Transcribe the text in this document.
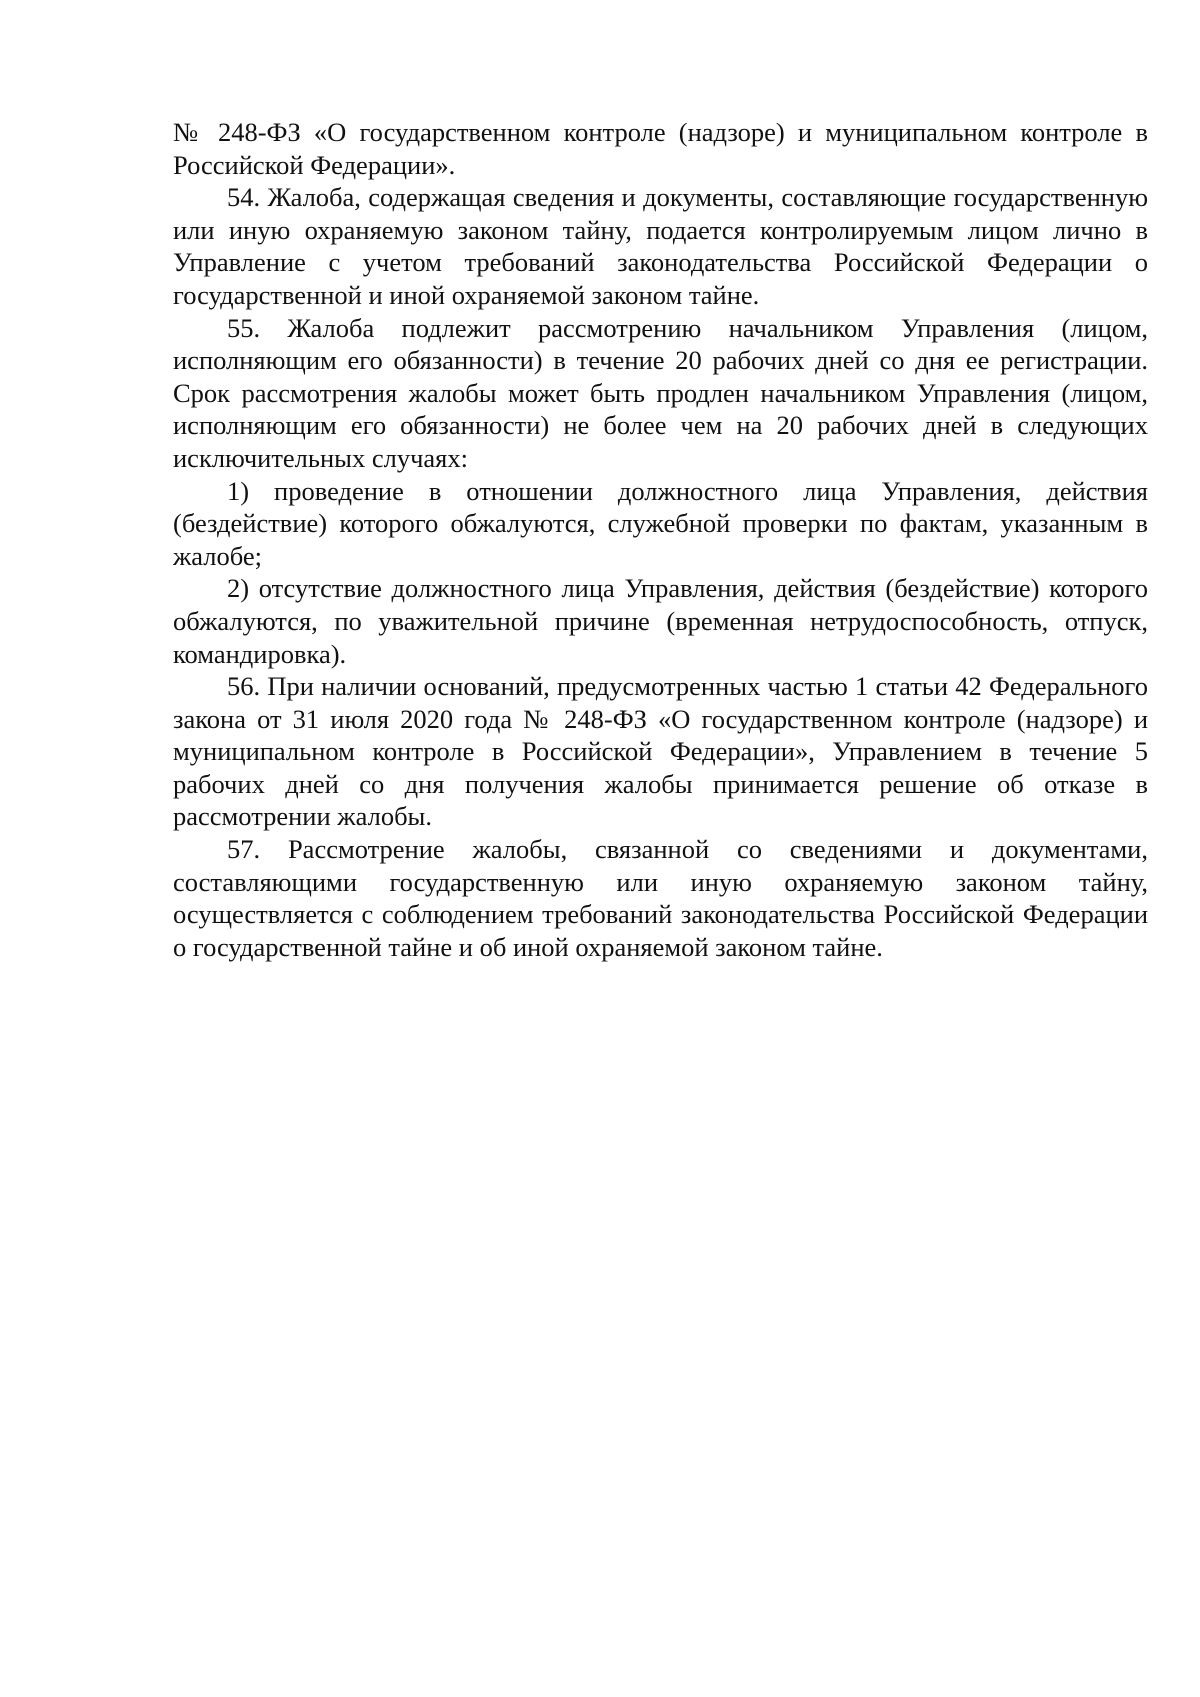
№ 248-ФЗ «О государственном контроле (надзоре) и муниципальном контроле в Российской Федерации».

54. Жалоба, содержащая сведения и документы, составляющие государственную или иную охраняемую законом тайну, подается контролируемым лицом лично в Управление с учетом требований законодательства Российской Федерации о государственной и иной охраняемой законом тайне.

55. Жалоба подлежит рассмотрению начальником Управления (лицом, исполняющим его обязанности) в течение 20 рабочих дней со дня ее регистрации. Срок рассмотрения жалобы может быть продлен начальником Управления (лицом, исполняющим его обязанности) не более чем на 20 рабочих дней в следующих исключительных случаях:

1) проведение в отношении должностного лица Управления, действия (бездействие) которого обжалуются, служебной проверки по фактам, указанным в жалобе;

2) отсутствие должностного лица Управления, действия (бездействие) которого обжалуются, по уважительной причине (временная нетрудоспособность, отпуск, командировка).

56. При наличии оснований, предусмотренных частью 1 статьи 42 Федерального закона от 31 июля 2020 года № 248-ФЗ «О государственном контроле (надзоре) и муниципальном контроле в Российской Федерации», Управлением в течение 5 рабочих дней со дня получения жалобы принимается решение об отказе в рассмотрении жалобы.

57. Рассмотрение жалобы, связанной со сведениями и документами, составляющими государственную или иную охраняемую законом тайну, осуществляется с соблюдением требований законодательства Российской Федерации о государственной тайне и об иной охраняемой законом тайне.
